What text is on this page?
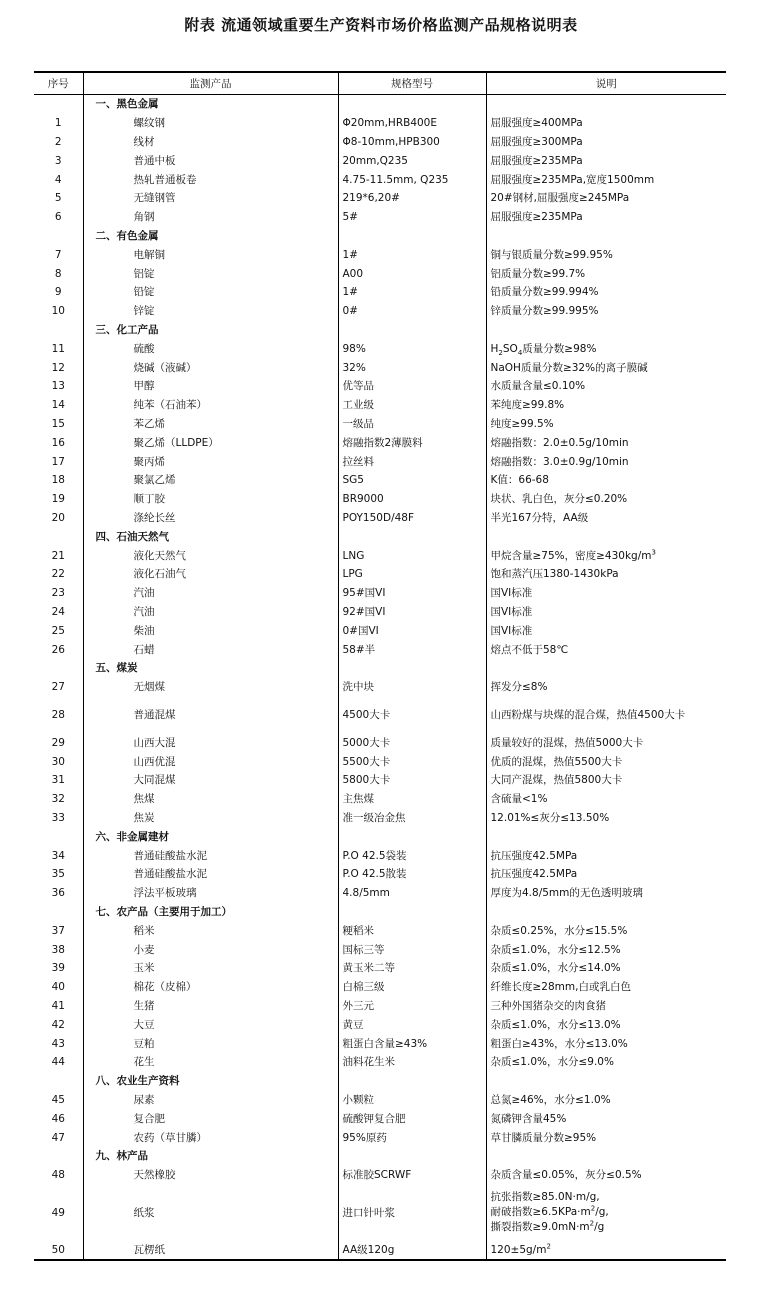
附表 流通领域重要生产资料市场价格监测产品规格说明表
序号	监测产品	规格型号	说明
	一、黑色金属		
1	螺纹钢	Φ20mm,HRB400E	屈服强度≥400MPa
2	线材	Φ8-10mm,HPB300	屈服强度≥300MPa
3	普通中板	20mm,Q235	屈服强度≥235MPa
4	热轧普通板卷	4.75-11.5mm, Q235	屈服强度≥235MPa,宽度1500mm
5	无缝钢管	219*6,20#	20#钢材,屈服强度≥245MPa
6	角钢	5#	屈服强度≥235MPa
	二、有色金属		
7	电解铜	1#	铜与银质量分数≥99.95%
8	铝锭	A00	铝质量分数≥99.7%
9	铅锭	1#	铅质量分数≥99.994%
10	锌锭	0#	锌质量分数≥99.995%
	三、化工产品		
11	硫酸	98%	$H_2SO_4$质量分数≥98%
12	烧碱（液碱）	32%	NaOH质量分数≥32%的离子膜碱
13	甲醇	优等品	水质量含量≤0.10%
14	纯苯（石油苯）	工业级	苯纯度≥99.8%
15	苯乙烯	一级品	纯度≥99.5%
16	聚乙烯（LLDPE）	熔融指数2薄膜料	熔融指数：2.0±0.5g/10min
17	聚丙烯	拉丝料	熔融指数：3.0±0.9g/10min
18	聚氯乙烯	SG5	K值：66-68
19	顺丁胶	BR9000	块状、乳白色，灰分≤0.20%
20	涤纶长丝	POY150D/48F	半光167分特，AA级
	四、石油天然气		
21	液化天然气	LNG	甲烷含量≥75%，密度$\ge 430kg/m^3$
22	液化石油气	LPG	饱和蒸汽压1380-1430kPa
23	汽油	95#国VI	国VI标准
24	汽油	92#国VI	国VI标准
25	柴油	0#国VI	国VI标准
26	石蜡	58#半	熔点不低于58℃
	五、煤炭		
27	无烟煤	洗中块	挥发分≤8%
28	普通混煤	4500大卡	山西粉煤与块煤的混合煤，热值4500大卡
29	山西大混	5000大卡	质量较好的混煤，热值5000大卡
30	山西优混	5500大卡	优质的混煤，热值5500大卡
31	大同混煤	5800大卡	大同产混煤，热值5800大卡
32	焦煤	主焦煤	含硫量<1%
33	焦炭	准一级冶金焦	12.01%≤灰分≤13.50%
	六、非金属建材		
34	普通硅酸盐水泥	P.O 42.5袋装	抗压强度42.5MPa
35	普通硅酸盐水泥	P.O 42.5散装	抗压强度42.5MPa
36	浮法平板玻璃	4.8/5mm	厚度为4.8/5mm的无色透明玻璃
	七、农产品（主要用于加工）		
37	稻米	粳稻米	杂质≤0.25%，水分≤15.5%
38	小麦	国标三等	杂质≤1.0%，水分≤12.5%
39	玉米	黄玉米二等	杂质≤1.0%，水分≤14.0%
40	棉花（皮棉）	白棉三级	纤维长度≥28mm,白或乳白色
41	生猪	外三元	三种外国猪杂交的肉食猪
42	大豆	黄豆	杂质≤1.0%，水分≤13.0%
43	豆粕	粗蛋白含量≥43%	粗蛋白≥43%，水分≤13.0%
44	花生	油料花生米	杂质≤1.0%，水分≤9.0%
	八、农业生产资料		
45	尿素	小颗粒	总氮≥46%，水分≤1.0%
46	复合肥	硫酸钾复合肥	氮磷钾含量45%
47	农药（草甘膦）	95%原药	草甘膦质量分数≥95%
	九、林产品		
48	天然橡胶	标准胶SCRWF	杂质含量≤0.05%，灰分≤0.5%
49	纸浆	进口针叶浆	抗张指数≥85.0N·m/g,
耐破指数$\ge 6.5KPa\cdot m^2/g$,
撕裂指数$\ge 9.0mN\cdot m^2/g$
50	瓦楞纸	AA级120g	$120\pm 5g/m^2$
